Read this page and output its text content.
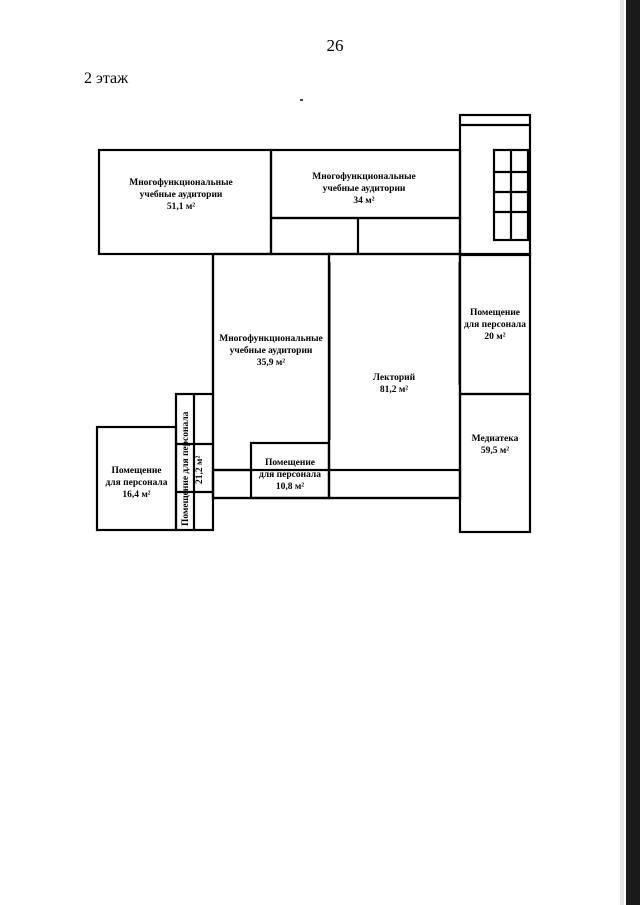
26
2 этаж
Многофункциональные
учебные аудитории
51,1 м²
Многофункциональные
учебные аудитории
34 м²
Многофункциональные
учебные аудитории
35,9 м²
Лекторий
81,2 м²
Помещение
для персонала
20 м²
Медиатека
59,5 м²
Помещение
для персонала
10,8 м²
Помещение
для персонала
16,4 м²	Помещение для персонала 21,2 м²
